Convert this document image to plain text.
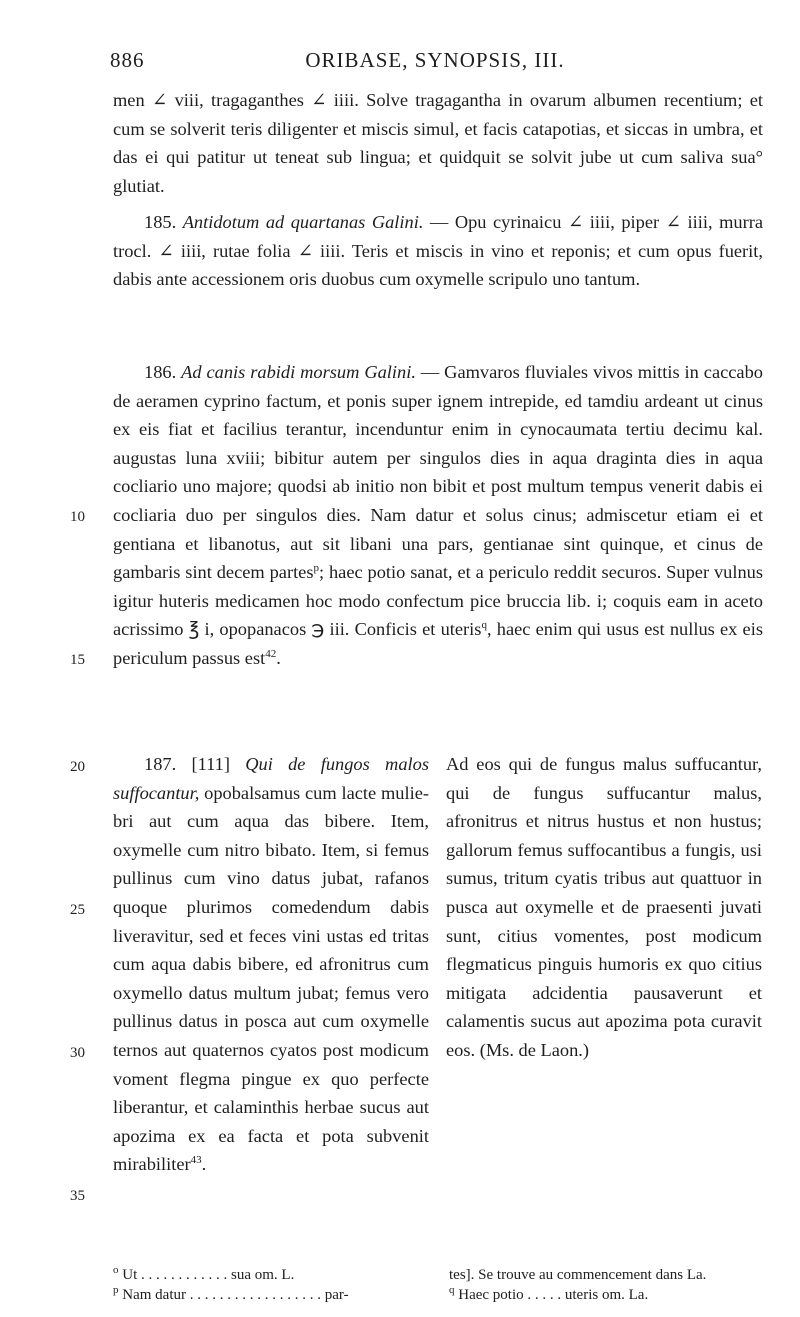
886	ORIBASE, SYNOPSIS, III.

men ∠ viii, tragaganthes ∠ iiii. Solve tragagantha in ovarum albumen recentium; et cum se solverit teris diligenter et miscis simul, et facis catapotias, et siccas in umbra, et das ei qui patitur ut teneat sub lingua; et quidquit se solvit jube ut cum saliva sua° glutiat.

185. Antidotum ad quartanas Galini. — Opu cyrinaicu ∠ iiii, piper ∠ iiii, murra trocl. ∠ iiii, rutae folia ∠ iiii. Teris et miscis in vino et reponis; et cum opus fuerit, dabis ante accessionem oris duobus cum oxymelle scripulo uno tantum.

186. Ad canis rabidi morsum Galini. — Gamvaros fluviales vivos mittis in caccabo de aeramen cyprino factum, et ponis super ignem intrepide, ed tamdiu ardeant ut cinus ex eis fiat et facilius terantur, incenduntur enim in cynocaumata tertiu decimu kal. augustas luna xviii; bibitur autem per singulos dies in aqua draginta dies in aqua cocliario uno majore; quodsi ab initio non bibit et post multum tempus venerit dabis ei cocliaria duo per singulos dies. Nam datur et solus cinus; admiscetur etiam ei et gentiana et libanotus, aut sit libani una pars, gentianae sint quinque, et cinus de gambaris sint decem partes$^p$; haec potio sanat, et a periculo reddit securos. Super vulnus igitur huteris medicamen hoc modo confectum pice bruccia lib. i; coquis eam in aceto acrissimo ℥ i, opopanacos ℈ iii. Conficis et uteris$^q$, haec enim qui usus est nullus ex eis periculum passus est$^{42}$.

10
15
20
25
30
35

187. [111] Qui de fungos malos suffocantur, opobalsamus cum lacte muliebri aut cum aqua das bibere. Item, oxymelle cum nitro bibato. Item, si femus pullinus cum vino datus jubat, rafanos quoque plurimos comedendum dabis liveravitur, sed et feces vini ustas ed tritas cum aqua dabis bibere, ed afronitrus cum oxymello datus multum jubat; femus vero pullinus datus in posca aut cum oxymelle ternos aut quaternos cyatos post modicum voment flegma pingue ex quo perfecte liberantur, et calaminthis herbae sucus aut apozima ex ea facta et pota subvenit mirabiliter$^{43}$.

Ad eos qui de fungus malus suffucantur, qui de fungus suffucantur malus, afronitrus et nitrus hustus et non hustus; gallorum femus suffocantibus a fungis, usi sumus, tritum cyatis tribus aut quattuor in pusca aut oxymelle et de praesenti juvati sunt, citius vomentes, post modicum flegmaticus pinguis humoris ex quo citius mitigata adcidentia pausaverunt et calamentis sucus aut apozima pota curavit eos. (Ms. de Laon.)

$^o$ Ut . . . . . . . . . . . . sua om. L.
$^p$ Nam datur . . . . . . . . . . . . . . . . . . par-
tes]. Se trouve au commencement dans La.
$^q$ Haec potio . . . . . uteris om. La.
